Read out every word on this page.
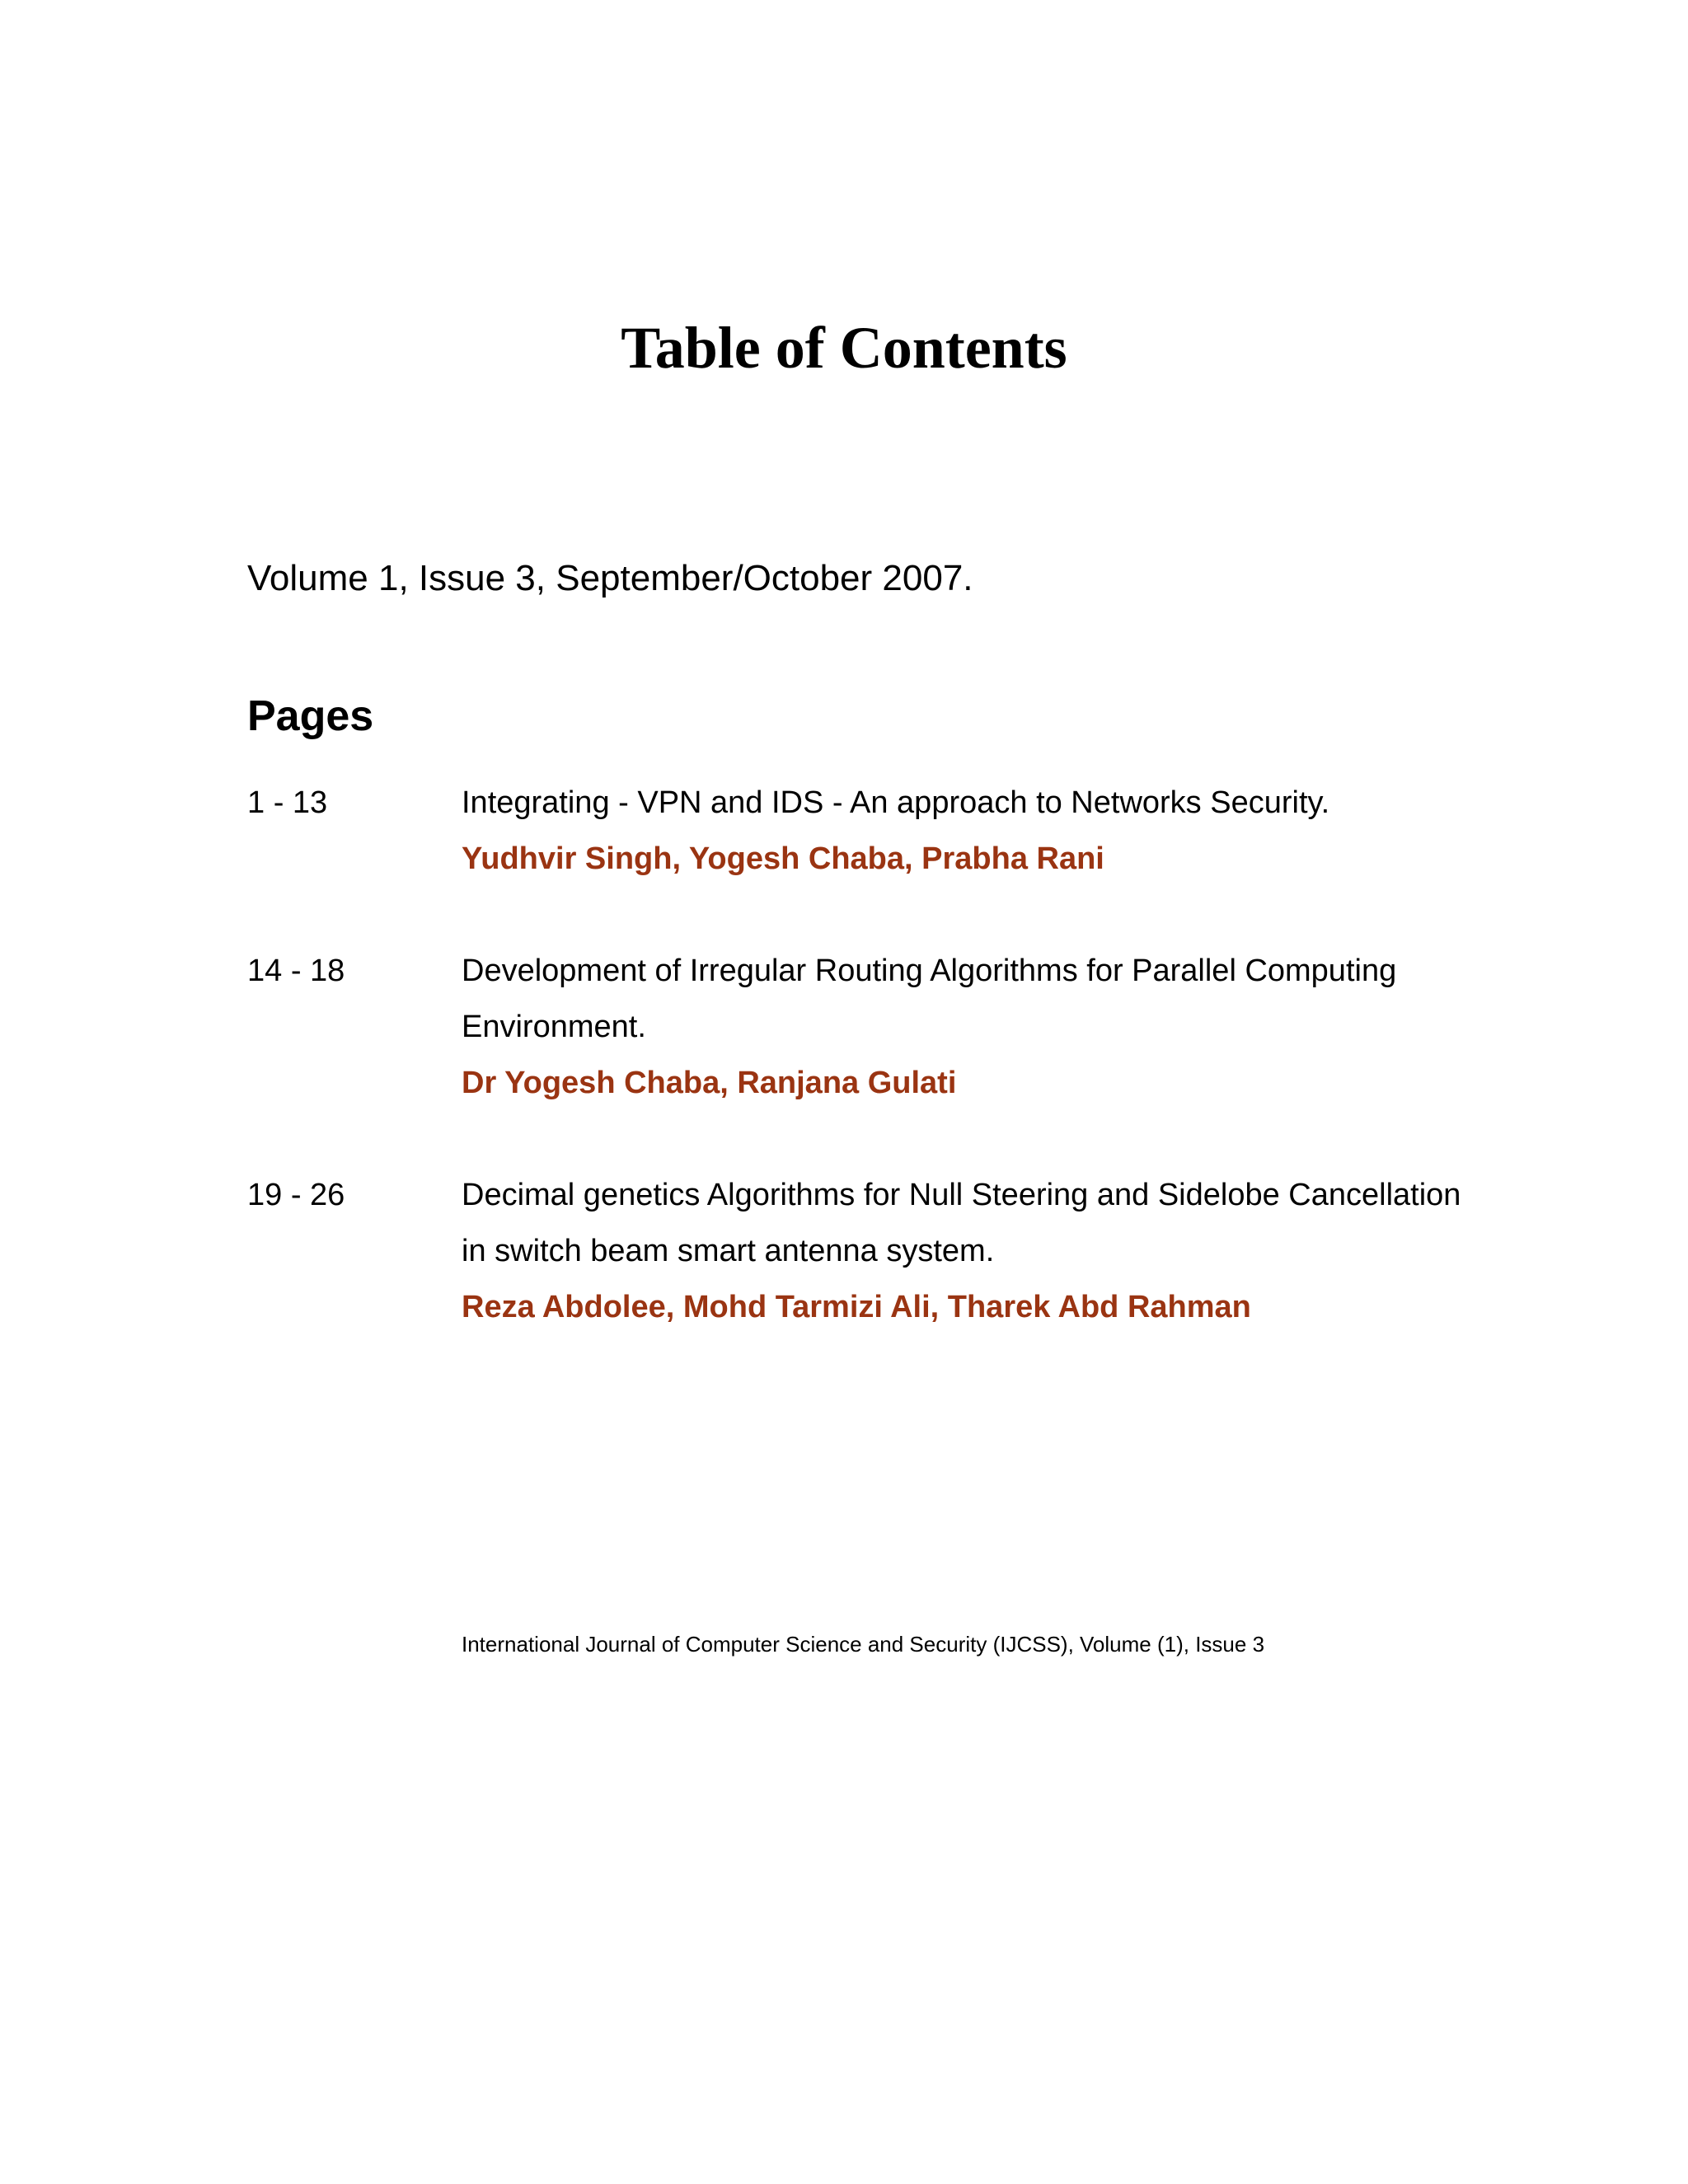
Table of Contents

Volume 1, Issue 3, September/October 2007.

Pages
1 - 13	Integrating - VPN and IDS - An approach to Networks Security.

Yudhvir Singh, Yogesh Chaba, Prabha Rani

14 - 18	Development of Irregular Routing Algorithms for Parallel Computing Environment.

Dr Yogesh Chaba, Ranjana Gulati

19 - 26	Decimal genetics Algorithms for Null Steering and Sidelobe Cancellation in switch beam smart antenna system.

Reza Abdolee, Mohd Tarmizi Ali, Tharek Abd Rahman

International Journal of Computer Science and Security (IJCSS), Volume (1), Issue 3
